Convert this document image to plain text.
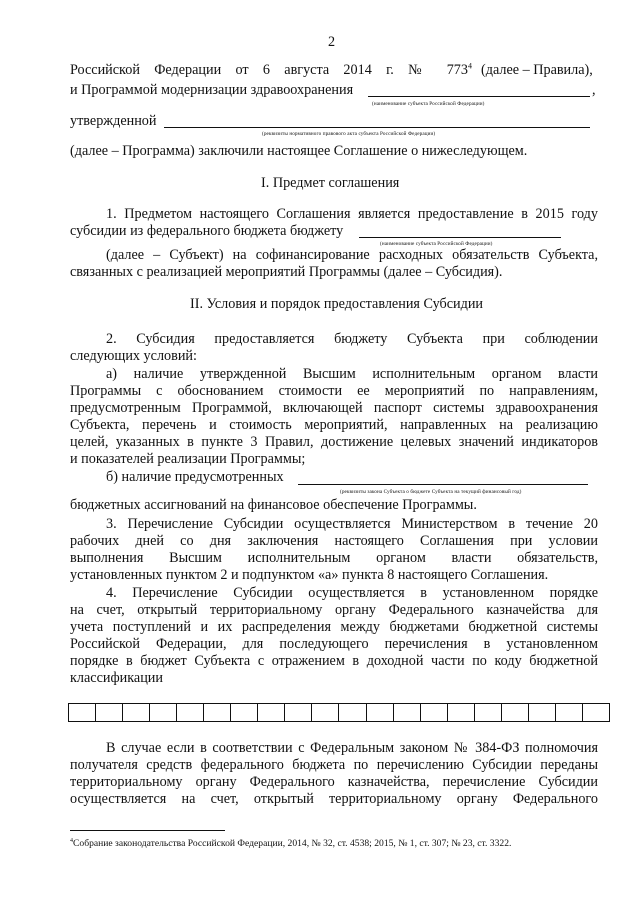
2
Российской Федерации от 6 августа 2014 г. № $773^4$ (далее – Правила),
и Программой модернизации здравоохранения	,
(наименование субъекта Российской Федерации)
утвержденной
(реквизиты нормативного правового акта субъекта Российской Федерации)
(далее – Программа) заключили настоящее Соглашение о нижеследующем.
I. Предмет соглашения
1. Предметом настоящего Соглашения является предоставление в 2015 году
субсидии из федерального бюджета бюджету
(наименование субъекта Российской Федерации)
(далее – Субъект) на софинансирование расходных обязательств Субъекта,
связанных с реализацией мероприятий Программы (далее – Субсидия).
II. Условия и порядок предоставления Субсидии
2. Субсидия предоставляется бюджету Субъекта при соблюдении
следующих условий:
а) наличие утвержденной Высшим исполнительным органом власти
Программы с обоснованием стоимости ее мероприятий по направлениям,
предусмотренным Программой, включающей паспорт системы здравоохранения
Субъекта, перечень и стоимость мероприятий, направленных на реализацию
целей, указанных в пункте 3 Правил, достижение целевых значений индикаторов
и показателей реализации Программы;
б) наличие предусмотренных
(реквизиты закона Субъекта о бюджете Субъекта на текущий финансовый год)
бюджетных ассигнований на финансовое обеспечение Программы.
3. Перечисление Субсидии осуществляется Министерством в течение 20
рабочих дней со дня заключения настоящего Соглашения при условии
выполнения Высшим исполнительным органом власти обязательств,
установленных пунктом 2 и подпунктом «а» пункта 8 настоящего Соглашения.
4. Перечисление Субсидии осуществляется в установленном порядке
на счет, открытый территориальному органу Федерального казначейства для
учета поступлений и их распределения между бюджетами бюджетной системы
Российской Федерации, для последующего перечисления в установленном
порядке в бюджет Субъекта с отражением в доходной части по коду бюджетной
классификации
В случае если в соответствии с Федеральным законом № 384-ФЗ полномочия
получателя средств федерального бюджета по перечислению Субсидии переданы
территориальному органу Федерального казначейства, перечисление Субсидии
осуществляется на счет, открытый территориальному органу Федерального
$^4$Собрание законодательства Российской Федерации, 2014, № 32, ст. 4538; 2015, № 1, ст. 307; № 23, ст. 3322.
